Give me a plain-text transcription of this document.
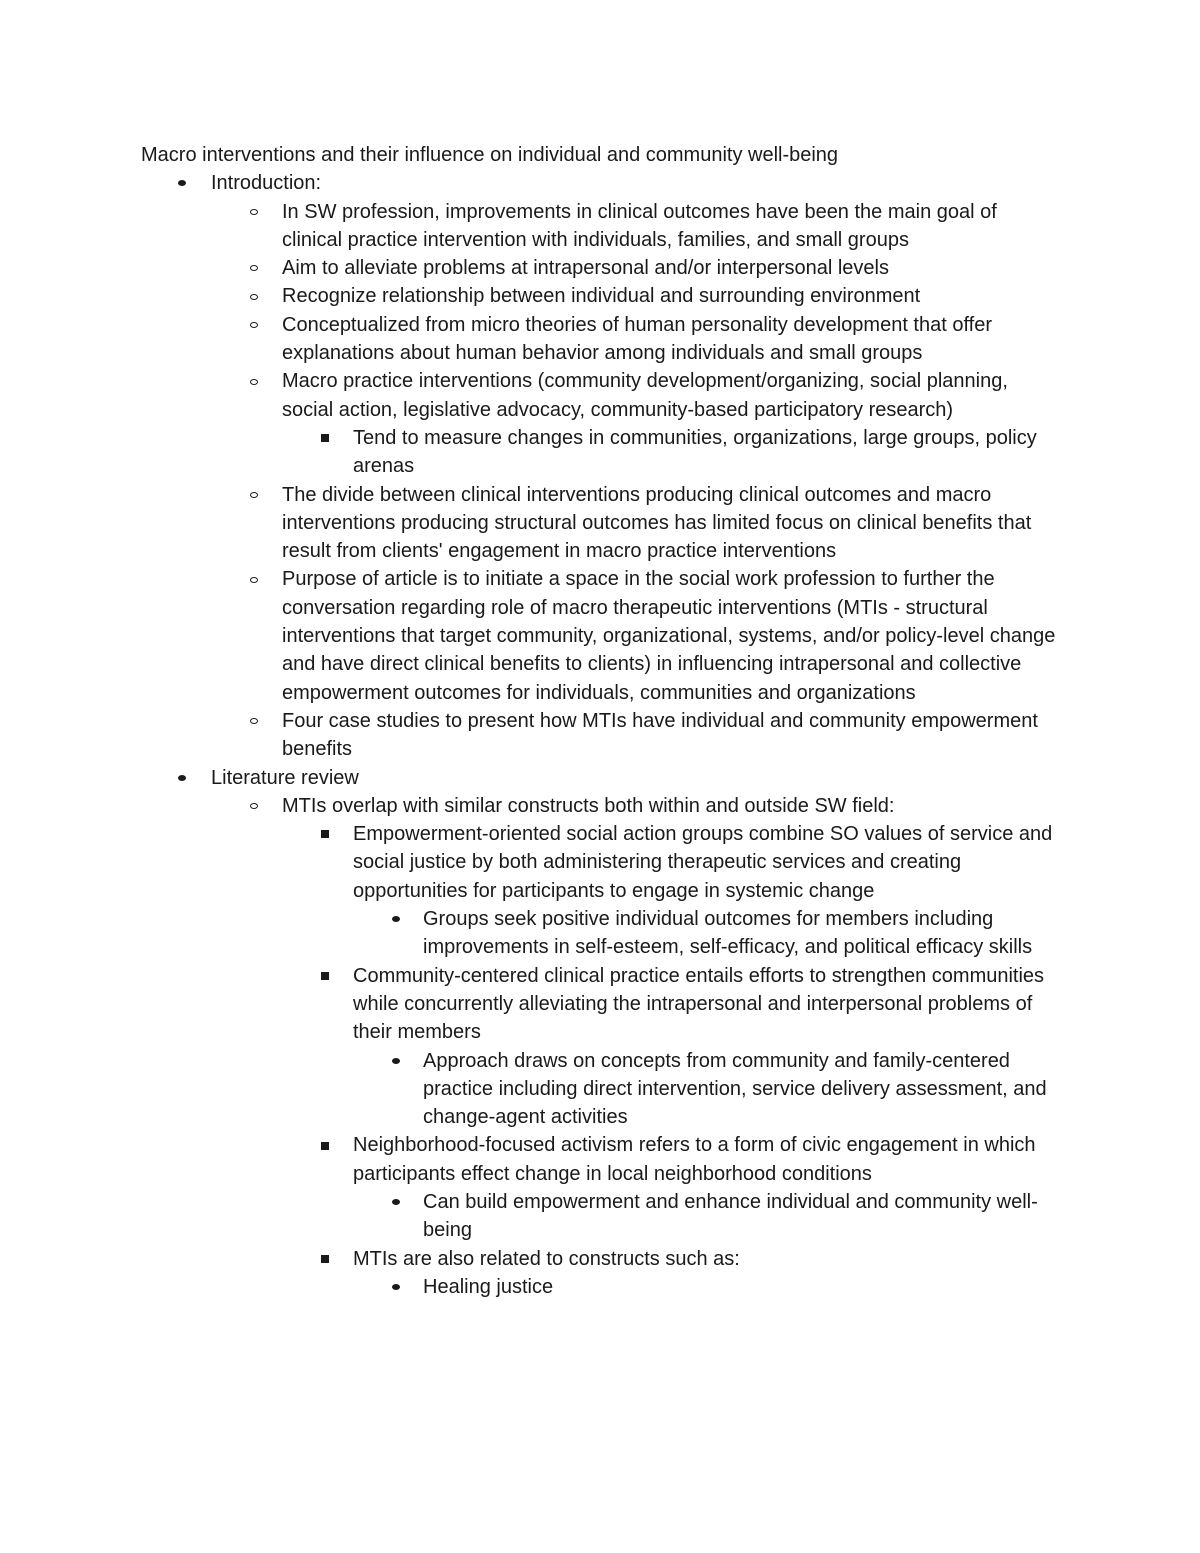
Macro interventions and their influence on individual and community well-being
Introduction:
In SW profession, improvements in clinical outcomes have been the main goal of clinical practice intervention with individuals, families, and small groups
Aim to alleviate problems at intrapersonal and/or interpersonal levels
Recognize relationship between individual and surrounding environment
Conceptualized from micro theories of human personality development that offer explanations about human behavior among individuals and small groups
Macro practice interventions (community development/organizing, social planning, social action, legislative advocacy, community-based participatory research)
Tend to measure changes in communities, organizations, large groups, policy arenas
The divide between clinical interventions producing clinical outcomes and macro interventions producing structural outcomes has limited focus on clinical benefits that result from clients' engagement in macro practice interventions
Purpose of article is to initiate a space in the social work profession to further the conversation regarding role of macro therapeutic interventions (MTIs - structural interventions that target community, organizational, systems, and/or policy-level change and have direct clinical benefits to clients) in influencing intrapersonal and collective empowerment outcomes for individuals, communities and organizations
Four case studies to present how MTIs have individual and community empowerment benefits
Literature review
MTIs overlap with similar constructs both within and outside SW field:
Empowerment-oriented social action groups combine SO values of service and social justice by both administering therapeutic services and creating opportunities for participants to engage in systemic change
Groups seek positive individual outcomes for members including improvements in self-esteem, self-efficacy, and political efficacy skills
Community-centered clinical practice entails efforts to strengthen communities while concurrently alleviating the intrapersonal and interpersonal problems of their members
Approach draws on concepts from community and family-centered practice including direct intervention, service delivery assessment, and change-agent activities
Neighborhood-focused activism refers to a form of civic engagement in which participants effect change in local neighborhood conditions
Can build empowerment and enhance individual and community well-being
MTIs are also related to constructs such as:
Healing justice
